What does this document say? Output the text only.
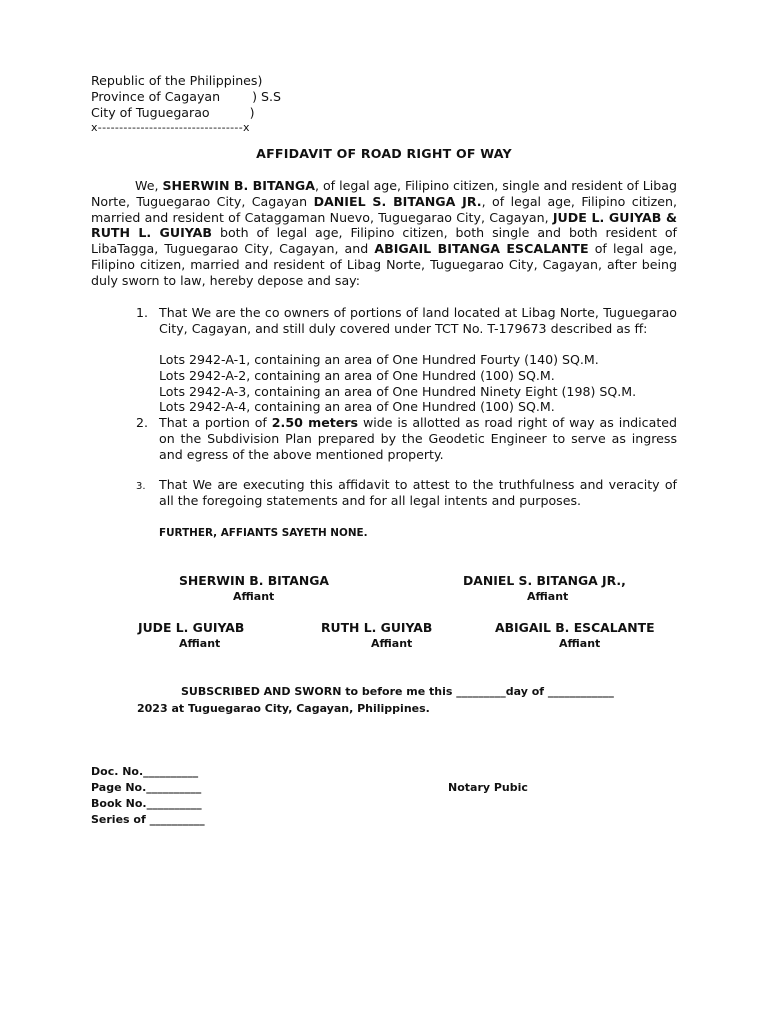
Republic of the Philippines)

Province of Cagayan        ) S.S

City of Tuguegarao          )

x----------------------------------x

AFFIDAVIT OF ROAD RIGHT OF WAY

We, SHERWIN B. BITANGA, of legal age, Filipino citizen, single and resident of Libag Norte, Tuguegarao City, Cagayan DANIEL S. BITANGA JR., of legal age, Filipino citizen, married and resident of Cataggaman Nuevo, Tuguegarao City, Cagayan, JUDE L. GUIYAB & RUTH L. GUIYAB both of legal age, Filipino citizen, both single and both resident of LibaTagga, Tuguegarao City, Cagayan, and ABIGAIL BITANGA ESCALANTE of legal age, Filipino citizen, married and resident of Libag Norte, Tuguegarao City, Cagayan, after being duly sworn to law, hereby depose and say:

1. That We are the co owners of portions of land located at Libag Norte, Tuguegarao City, Cagayan, and still duly covered under TCT No. T-179673 described as ff:

Lots 2942-A-1, containing an area of One Hundred Fourty (140) SQ.M.
Lots 2942-A-2, containing an area of One Hundred (100) SQ.M.
Lots 2942-A-3, containing an area of One Hundred Ninety Eight (198) SQ.M.
Lots 2942-A-4, containing an area of One Hundred (100) SQ.M.
2. That a portion of 2.50 meters wide is allotted as road right of way as indicated on the Subdivision Plan prepared by the Geodetic Engineer to serve as ingress and egress of the above mentioned property.

3. That We are executing this affidavit to attest to the truthfulness and veracity of all the foregoing statements and for all legal intents and purposes.

FURTHER, AFFIANTS SAYETH NONE.

SHERWIN B. BITANGA

Affiant

DANIEL S. BITANGA JR.,

Affiant

JUDE L. GUIYAB

Affiant

RUTH L. GUIYAB

Affiant

ABIGAIL B. ESCALANTE

Affiant

SUBSCRIBED AND SWORN to before me this _________day of ____________

2023 at Tuguegarao City, Cagayan, Philippines.

Doc. No.__________

Page No.__________

Book No.__________

Series of __________

Notary Pubic
